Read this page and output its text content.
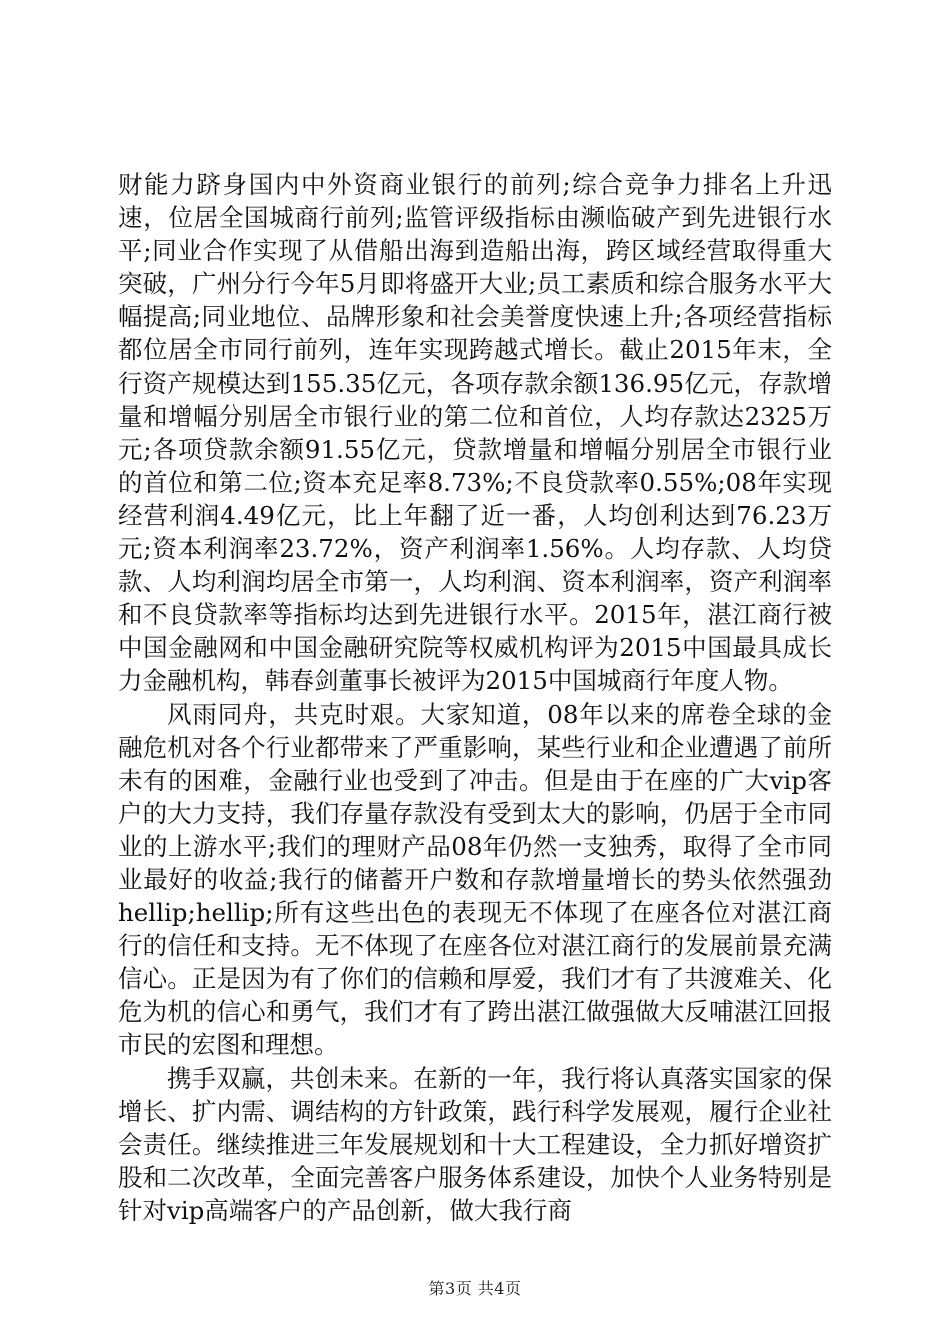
财能力跻身国内中外资商业银行的前列;综合竞争力排名上升迅速，位居全国城商行前列;监管评级指标由濒临破产到先进银行水平;同业合作实现了从借船出海到造船出海，跨区域经营取得重大突破，广州分行今年5月即将盛开大业;员工素质和综合服务水平大幅提高;同业地位、品牌形象和社会美誉度快速上升;各项经营指标都位居全市同行前列，连年实现跨越式增长。截止2015年末，全行资产规模达到155.35亿元，各项存款余额136.95亿元，存款增量和增幅分别居全市银行业的第二位和首位，人均存款达2325万元;各项贷款余额91.55亿元，贷款增量和增幅分别居全市银行业的首位和第二位;资本充足率8.73%;不良贷款率0.55%;08年实现经营利润4.49亿元，比上年翻了近一番，人均创利达到76.23万元;资本利润率23.72%，资产利润率1.56%。人均存款、人均贷款、人均利润均居全市第一，人均利润、资本利润率，资产利润率和不良贷款率等指标均达到先进银行水平。2015年，湛江商行被中国金融网和中国金融研究院等权威机构评为2015中国最具成长力金融机构，韩春剑董事长被评为2015中国城商行年度人物。

风雨同舟，共克时艰。大家知道，08年以来的席卷全球的金融危机对各个行业都带来了严重影响，某些行业和企业遭遇了前所未有的困难，金融行业也受到了冲击。但是由于在座的广大vip客户的大力支持，我们存量存款没有受到太大的影响，仍居于全市同业的上游水平;我们的理财产品08年仍然一支独秀，取得了全市同业最好的收益;我行的储蓄开户数和存款增量增长的势头依然强劲hellip;hellip;所有这些出色的表现无不体现了在座各位对湛江商行的信任和支持。无不体现了在座各位对湛江商行的发展前景充满信心。正是因为有了你们的信赖和厚爱，我们才有了共渡难关、化危为机的信心和勇气，我们才有了跨出湛江做强做大反哺湛江回报市民的宏图和理想。

携手双赢，共创未来。在新的一年，我行将认真落实国家的保增长、扩内需、调结构的方针政策，践行科学发展观，履行企业社会责任。继续推进三年发展规划和十大工程建设，全力抓好增资扩股和二次改革，全面完善客户服务体系建设，加快个人业务特别是针对vip高端客户的产品创新，做大我行商

第3页 共4页
